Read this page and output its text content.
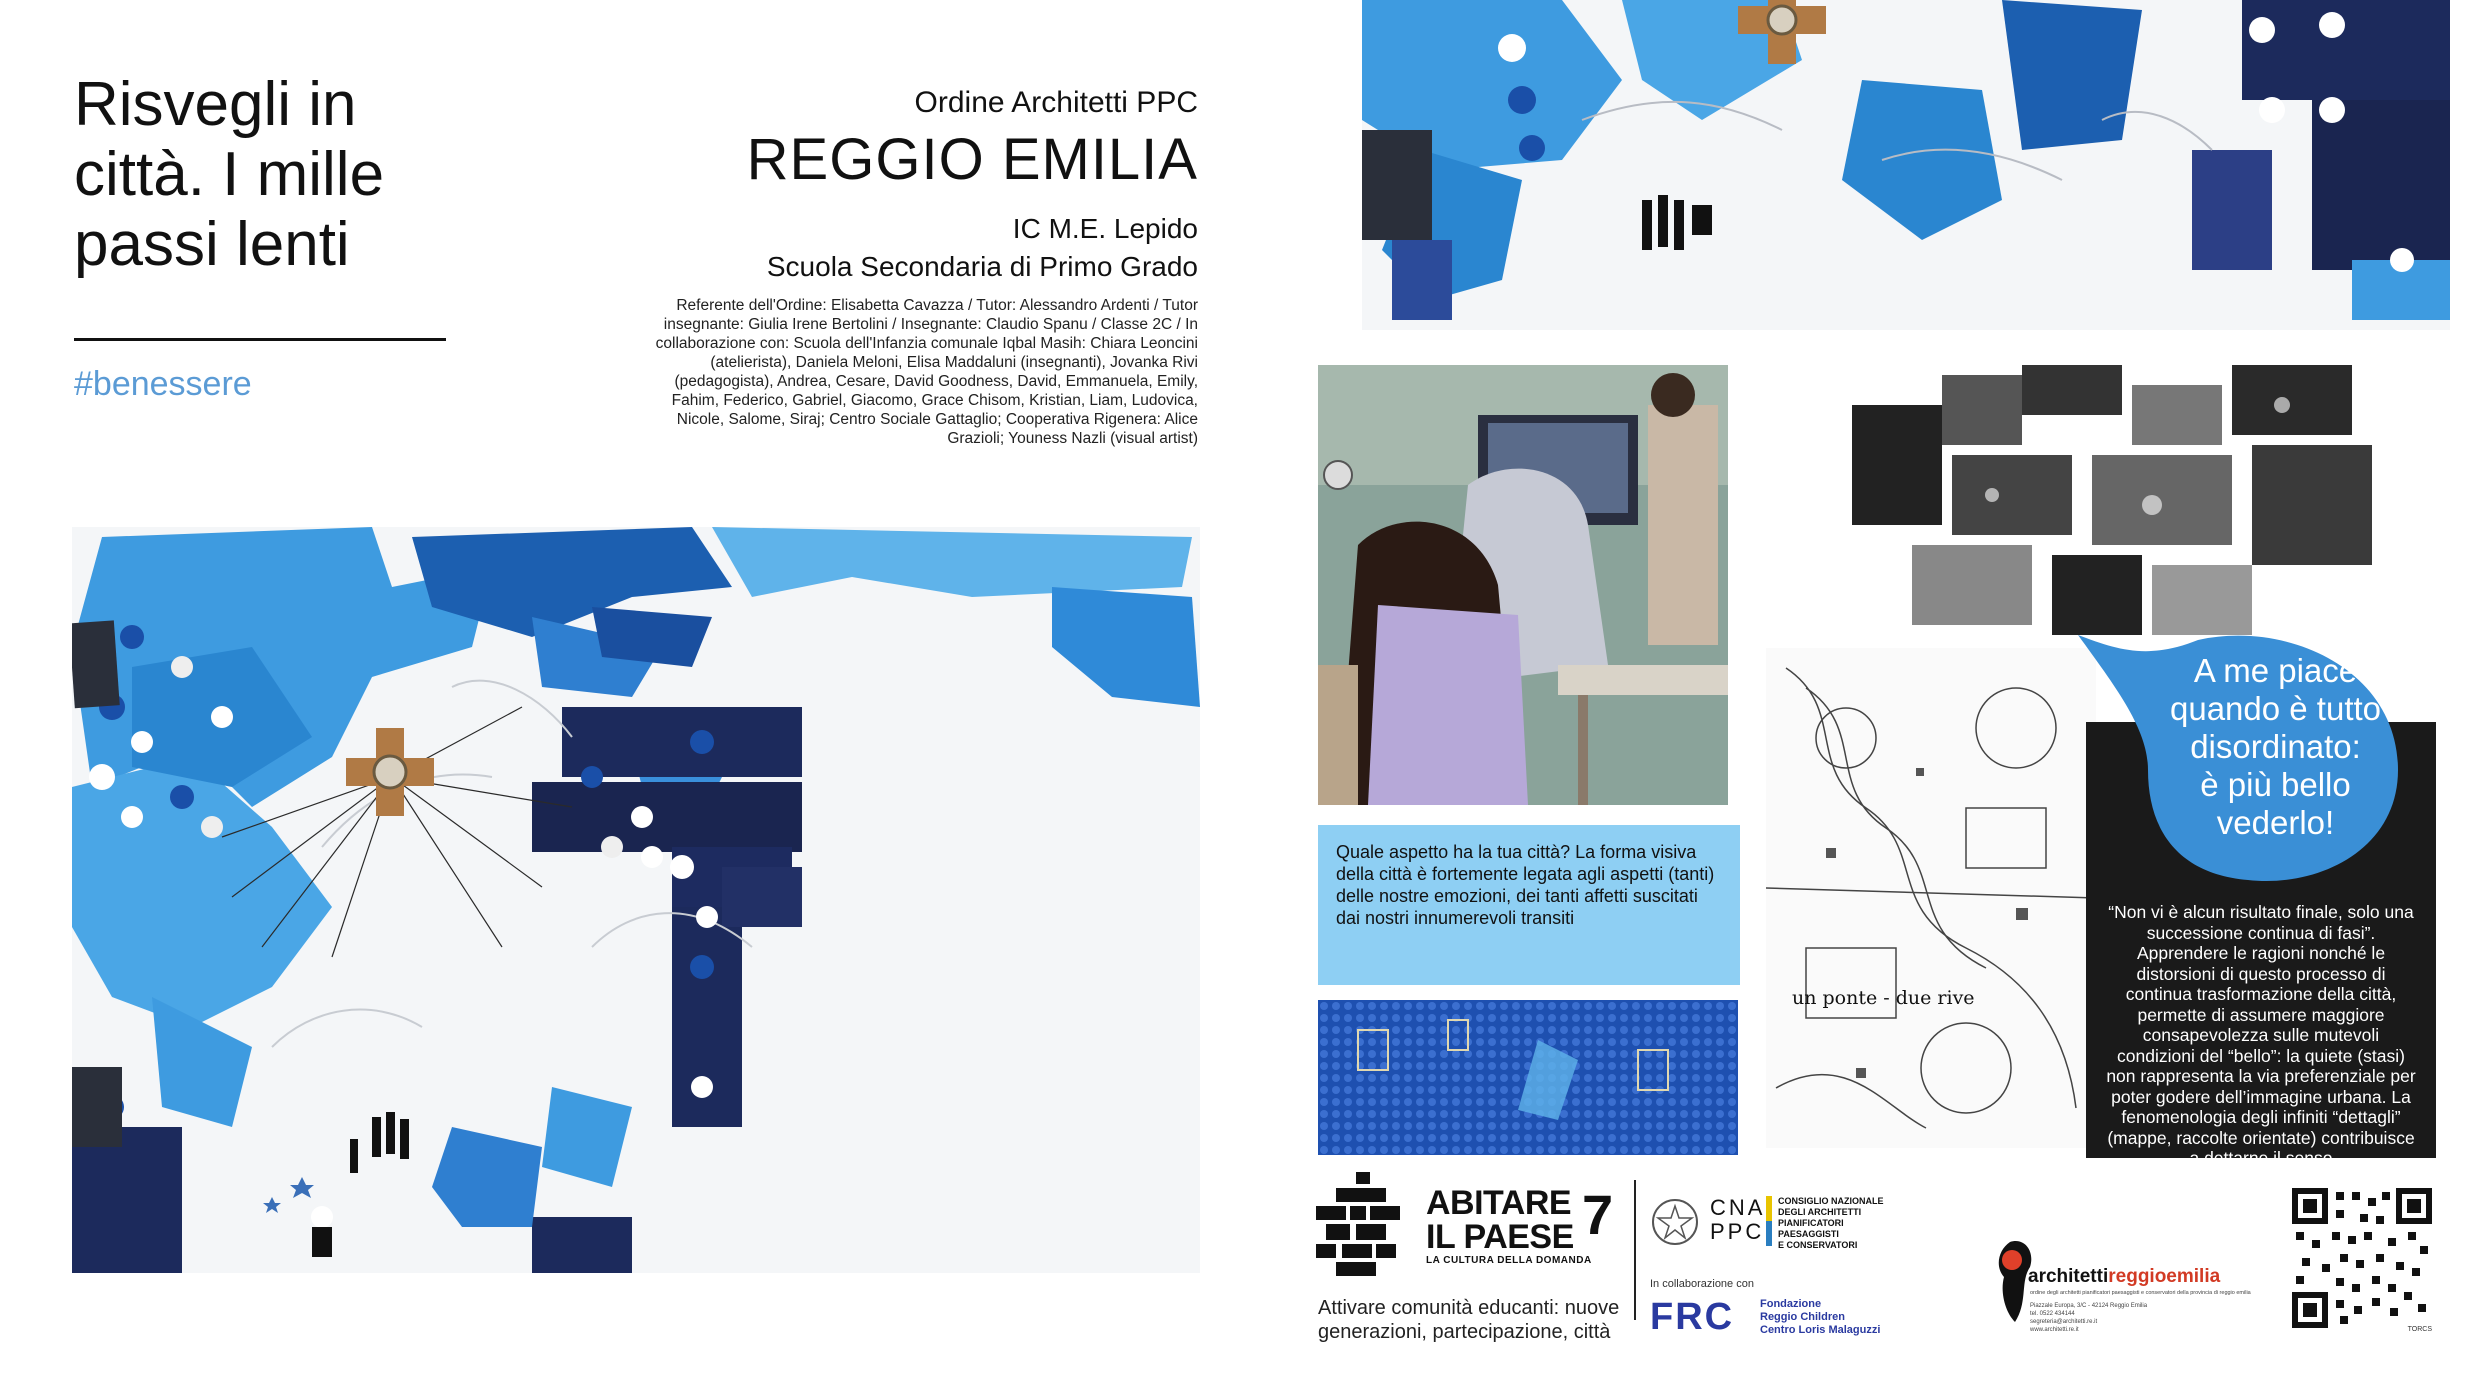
Risvegli in città. I mille passi lenti
#benessere
Ordine Architetti PPC
REGGIO EMILIA
IC M.E. Lepido
Scuola Secondaria di Primo Grado
Referente dell'Ordine: Elisabetta Cavazza / Tutor: Alessandro Ardenti / Tutor insegnante: Giulia Irene Bertolini / Insegnante: Claudio Spanu / Classe 2C / In collaborazione con: Scuola dell'Infanzia comunale Iqbal Masih: Chiara Leoncini (atelierista), Daniela Meloni, Elisa Maddaluni (insegnanti), Jovanka Rivi (pedagogista), Andrea, Cesare, David Goodness, David, Emmanuela, Emily, Fahim, Federico, Gabriel, Giacomo, Grace Chisom, Kristian, Liam, Ludovica, Nicole, Salome, Siraj; Centro Sociale Gattaglio; Cooperativa Rigenera: Alice Grazioli; Youness Nazli (visual artist)
Quale aspetto ha la tua città? La forma visiva della città è fortemente legata agli aspetti (tanti) delle nostre emozioni, dei tanti affetti suscitati dai nostri innumerevoli transiti
un ponte - due rive
“Non vi è alcun risultato finale, solo una successione continua di fasi”. Apprendere le ragioni nonché le distorsioni di questo processo di continua trasformazione della città, permette di assumere maggiore consapevolezza sulle mutevoli condizioni del “bello”: la quiete (stasi) non rappresenta la via preferenziale per poter godere dell’immagine urbana. La fenomenologia degli infiniti “dettagli” (mappe, raccolte orientate) contribuisce a dettarne il senso
A me piace
quando è tutto
disordinato:
è più bello
vederlo!
ABITARE
IL PAESE
LA CULTURA DELLA DOMANDA
7
Attivare comunità educanti: nuove generazioni, partecipazione, città
CNA
PPC
CONSIGLIO NAZIONALE
DEGLI ARCHITETTI
PIANIFICATORI
PAESAGGISTI
E CONSERVATORI
In collaborazione con
FRC Fondazione
Reggio Children
Centro Loris Malaguzzi
architettireggioemilia
ordine degli architetti pianificatori paesaggisti e conservatori della provincia di reggio emilia
Piazzale Europa, 3/C - 42124 Reggio Emilia
tel. 0522 434144
segreteria@architetti.re.it
www.architetti.re.it	TORCS
